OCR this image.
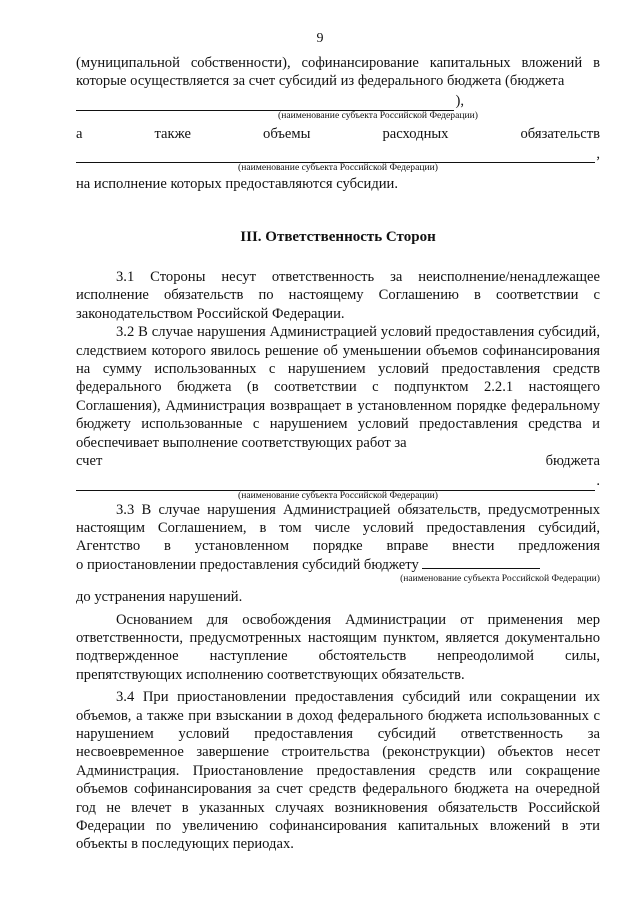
9

(муниципальной собственности), софинансирование капитальных вложений в которые осуществляется за счет субсидий из федерального бюджета (бюджета

),

(наименование субъекта Российской Федерации)

а	также	объемы	расходных	обязательств
,

(наименование субъекта Российской Федерации)

на исполнение которых предоставляются субсидии.

III. Ответственность Сторон

3.1 Стороны несут ответственность за неисполнение/ненадлежащее исполнение обязательств по настоящему Соглашению в соответствии с законодательством Российской Федерации.

3.2 В случае нарушения Администрацией условий предоставления субсидий, следствием которого явилось решение об уменьшении объемов софинансирования на сумму использованных с нарушением условий предоставления средств федерального бюджета (в соответствии с подпунктом 2.2.1 настоящего Соглашения), Администрация возвращает в установленном порядке федеральному бюджету использованные с нарушением условий предоставления средства и обеспечивает выполнение соответствующих работ за

счет	бюджета
.

(наименование субъекта Российской Федерации)

3.3 В случае нарушения Администрацией обязательств, предусмотренных настоящим Соглашением, в том числе условий предоставления субсидий, Агентство в установленном порядке вправе внести предложения

о приостановлении предоставления субсидий бюджету

(наименование субъекта Российской Федерации)

до устранения нарушений.

Основанием для освобождения Администрации от применения мер ответственности, предусмотренных настоящим пунктом, является документально подтвержденное наступление обстоятельств непреодолимой силы, препятствующих исполнению соответствующих обязательств.

3.4 При приостановлении предоставления субсидий или сокращении их объемов, а также при взыскании в доход федерального бюджета использованных с нарушением условий предоставления субсидий ответственность за несвоевременное завершение строительства (реконструкции) объектов несет Администрация. Приостановление предоставления средств или сокращение объемов софинансирования за счет средств федерального бюджета на очередной год не влечет в указанных случаях возникновения обязательств Российской Федерации по увеличению софинансирования капитальных вложений в эти объекты в последующих периодах.
